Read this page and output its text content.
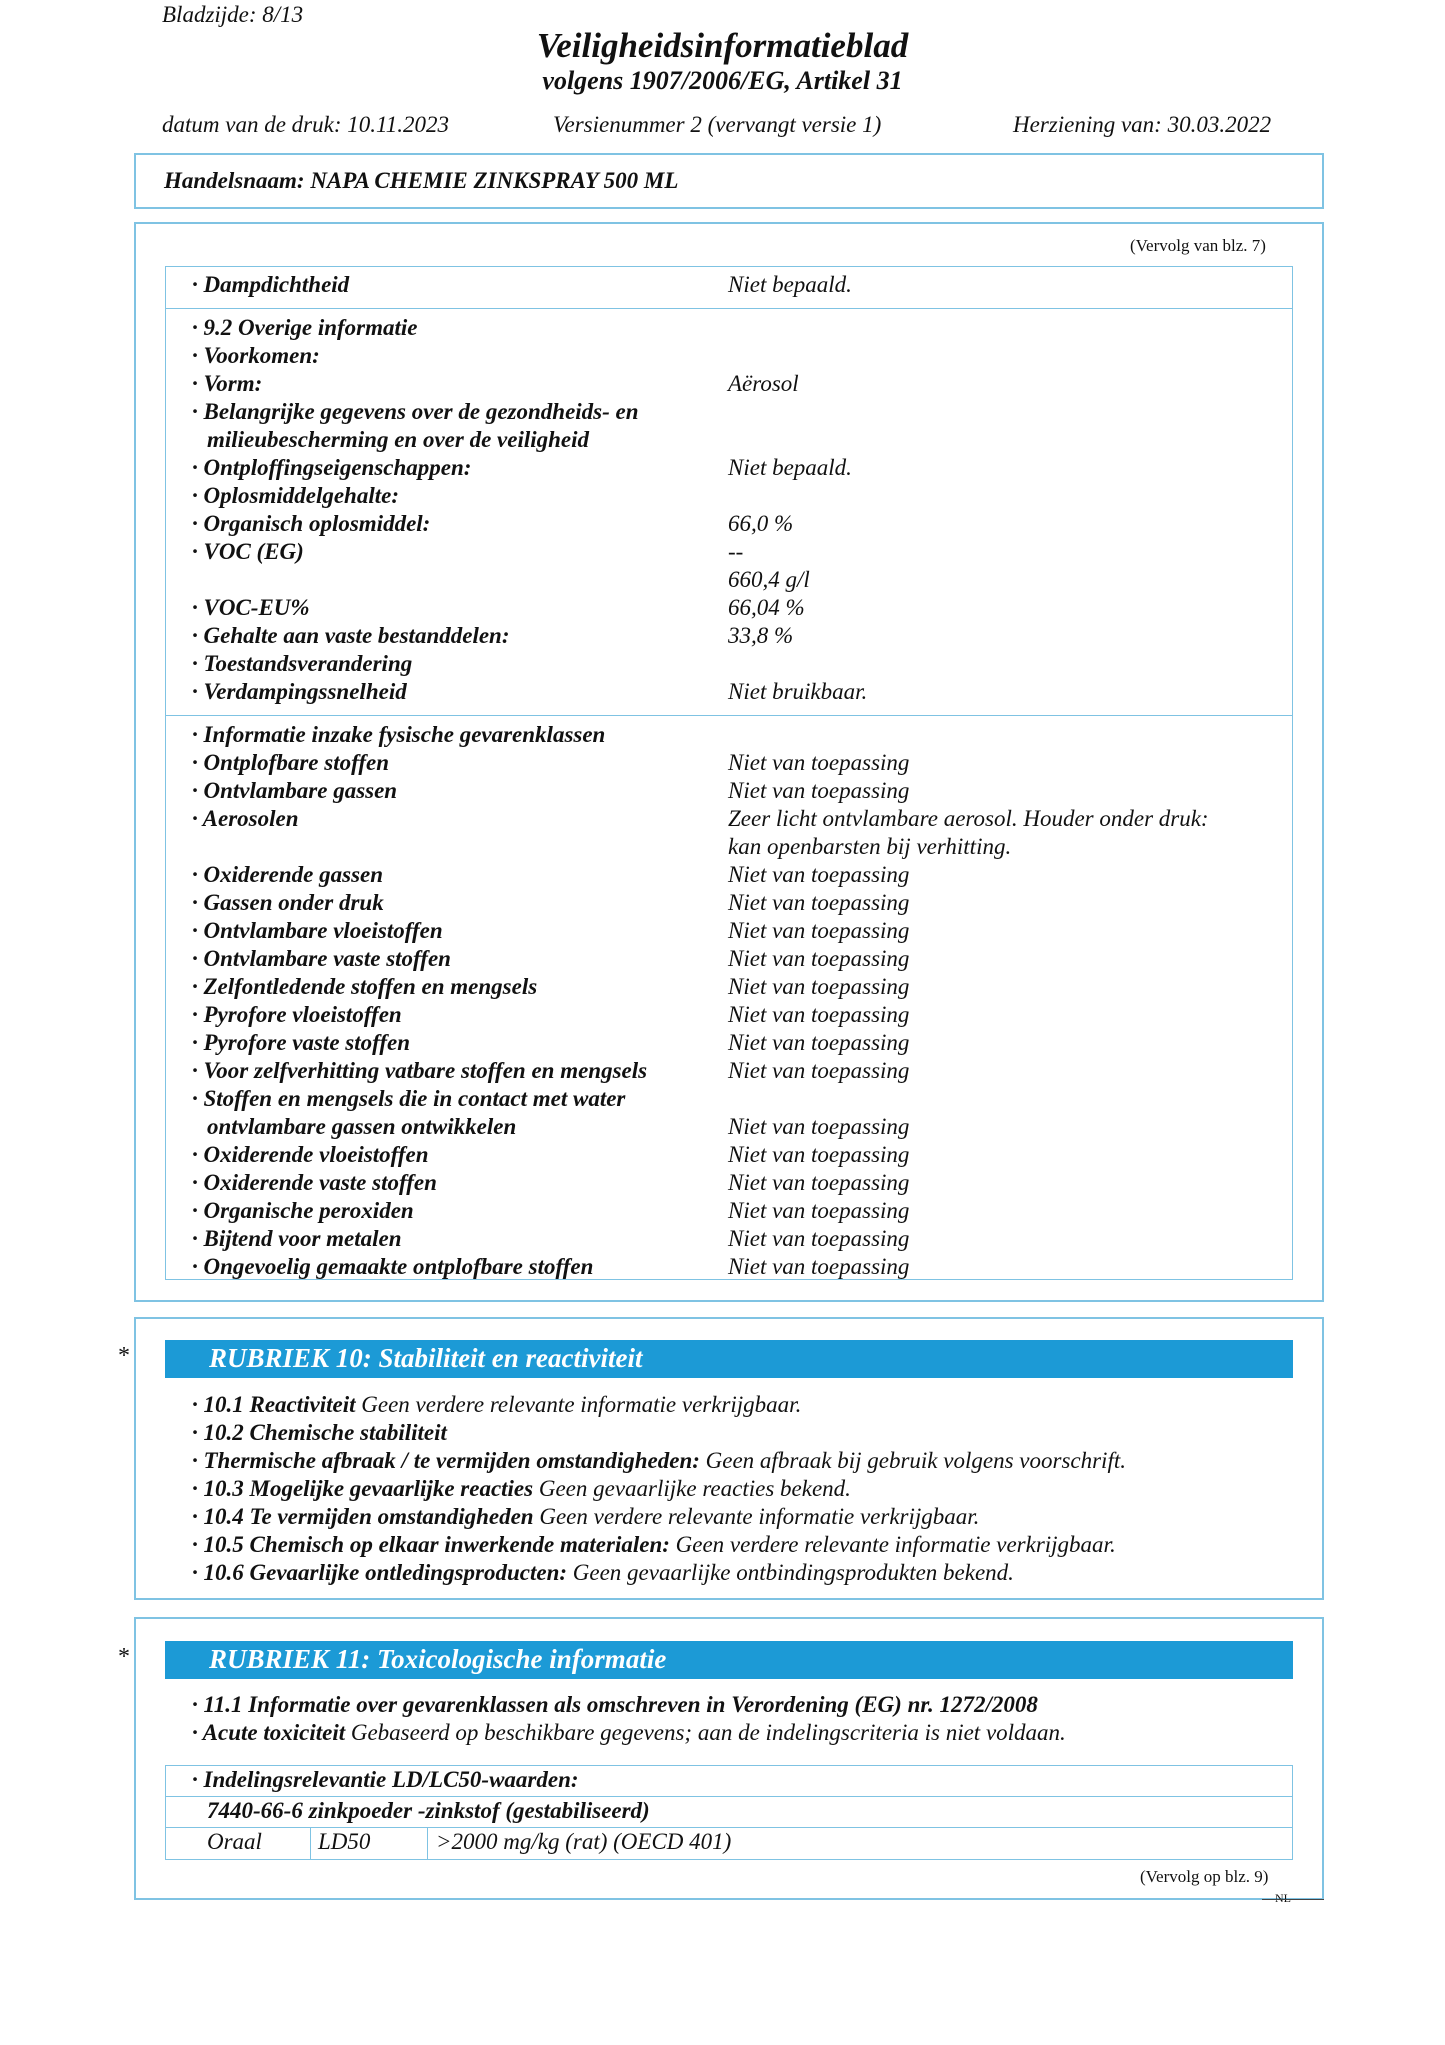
Bladzijde: 8/13
Veiligheidsinformatieblad
volgens 1907/2006/EG, Artikel 31
datum van de druk: 10.11.2023	Versienummer 2 (vervangt versie 1)	Herziening van: 30.03.2022
Handelsnaam: NAPA CHEMIE ZINKSPRAY 500 ML
(Vervolg van blz. 7)
· Dampdichtheid	Niet bepaald.
· 9.2 Overige informatie
· Voorkomen:
· Vorm:	Aërosol
· Belangrijke gegevens over de gezondheids- en
milieubescherming en over de veiligheid
· Ontploffingseigenschappen:	Niet bepaald.
· Oplosmiddelgehalte:
· Organisch oplosmiddel:	66,0 %
· VOC (EG)	--
660,4 g/l
· VOC-EU%	66,04 %
· Gehalte aan vaste bestanddelen:	33,8 %
· Toestandsverandering
· Verdampingssnelheid	Niet bruikbaar.
· Informatie inzake fysische gevarenklassen
· Ontplofbare stoffen	Niet van toepassing
· Ontvlambare gassen	Niet van toepassing
· Aerosolen	Zeer licht ontvlambare aerosol. Houder onder druk:
kan openbarsten bij verhitting.
· Oxiderende gassen	Niet van toepassing
· Gassen onder druk	Niet van toepassing
· Ontvlambare vloeistoffen	Niet van toepassing
· Ontvlambare vaste stoffen	Niet van toepassing
· Zelfontledende stoffen en mengsels	Niet van toepassing
· Pyrofore vloeistoffen	Niet van toepassing
· Pyrofore vaste stoffen	Niet van toepassing
· Voor zelfverhitting vatbare stoffen en mengsels	Niet van toepassing
· Stoffen en mengsels die in contact met water
ontvlambare gassen ontwikkelen	Niet van toepassing
· Oxiderende vloeistoffen	Niet van toepassing
· Oxiderende vaste stoffen	Niet van toepassing
· Organische peroxiden	Niet van toepassing
· Bijtend voor metalen	Niet van toepassing
· Ongevoelig gemaakte ontplofbare stoffen	Niet van toepassing
*	RUBRIEK 10: Stabiliteit en reactiviteit
· 10.1 Reactiviteit Geen verdere relevante informatie verkrijgbaar.
· 10.2 Chemische stabiliteit
· Thermische afbraak / te vermijden omstandigheden: Geen afbraak bij gebruik volgens voorschrift.
· 10.3 Mogelijke gevaarlijke reacties Geen gevaarlijke reacties bekend.
· 10.4 Te vermijden omstandigheden Geen verdere relevante informatie verkrijgbaar.
· 10.5 Chemisch op elkaar inwerkende materialen: Geen verdere relevante informatie verkrijgbaar.
· 10.6 Gevaarlijke ontledingsproducten: Geen gevaarlijke ontbindingsprodukten bekend.
*	RUBRIEK 11: Toxicologische informatie
· 11.1 Informatie over gevarenklassen als omschreven in Verordening (EG) nr. 1272/2008
· Acute toxiciteit Gebaseerd op beschikbare gegevens; aan de indelingscriteria is niet voldaan.
· Indelingsrelevantie LD/LC50-waarden:
7440-66-6 zinkpoeder -zinkstof (gestabiliseerd)
Oraal LD50	>2000 mg/kg (rat) (OECD 401)
(Vervolg op blz. 9)
NL
